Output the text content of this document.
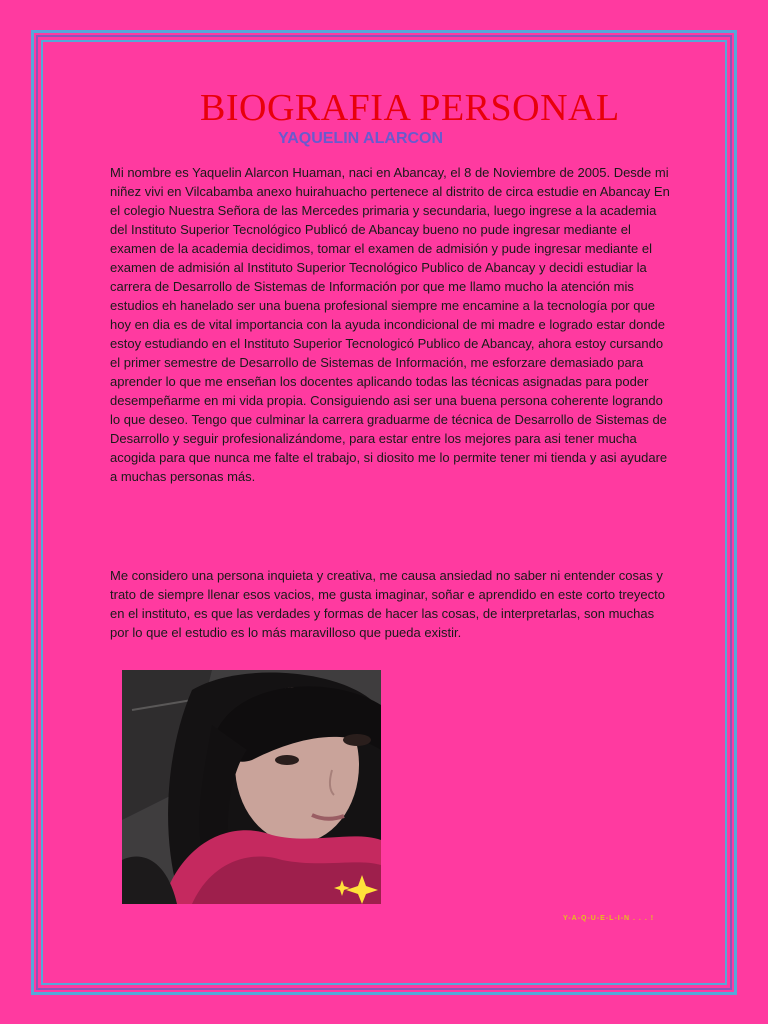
BIOGRAFIA PERSONAL
YAQUELIN ALARCON

Mi nombre es Yaquelin Alarcon Huaman, naci en Abancay, el 8 de Noviembre de 2005. Desde mi niñez vivi en Vilcabamba anexo huirahuacho pertenece al distrito de circa estudie en Abancay En el colegio Nuestra Señora de las Mercedes primaria y secundaria, luego ingrese a la academia del Instituto Superior Tecnológico Publicó de Abancay bueno no pude ingresar mediante el examen de la academia decidimos, tomar el examen de admisión y pude ingresar mediante el examen de admisión al Instituto Superior Tecnológico Publico de Abancay y decidi estudiar la carrera de Desarrollo de Sistemas de Información por que me llamo mucho la atención mis estudios eh hanelado ser una buena profesional siempre me encamine a la tecnología por que hoy en dia es de vital importancia con la ayuda incondicional de mi madre e logrado estar donde estoy estudiando en el Instituto Superior Tecnologicó Publico de Abancay, ahora estoy cursando el primer semestre de Desarrollo de Sistemas de Información, me esforzare demasiado para aprender lo que me enseñan los docentes aplicando todas las técnicas asignadas para poder desempeñarme en mi vida propia. Consiguiendo asi ser una buena persona coherente logrando lo que deseo. Tengo que culminar la carrera graduarme de técnica de Desarrollo de Sistemas de Desarrollo y seguir profesionalizándome, para estar entre los mejores para asi tener mucha acogida para que nunca me falte el trabajo, si diosito me lo permite tener mi tienda y asi ayudare a muchas personas más.

Me considero una persona inquieta y creativa, me causa ansiedad no saber ni entender cosas y trato de siempre llenar esos vacios, me gusta imaginar, soñar e aprendido en este corto treyecto en el instituto, es que las verdades y formas de hacer las cosas, de interpretarlas, son muchas por lo que el estudio es lo más maravilloso que pueda existir.

Y-A-Q-U-E-L-I-N . . . !
